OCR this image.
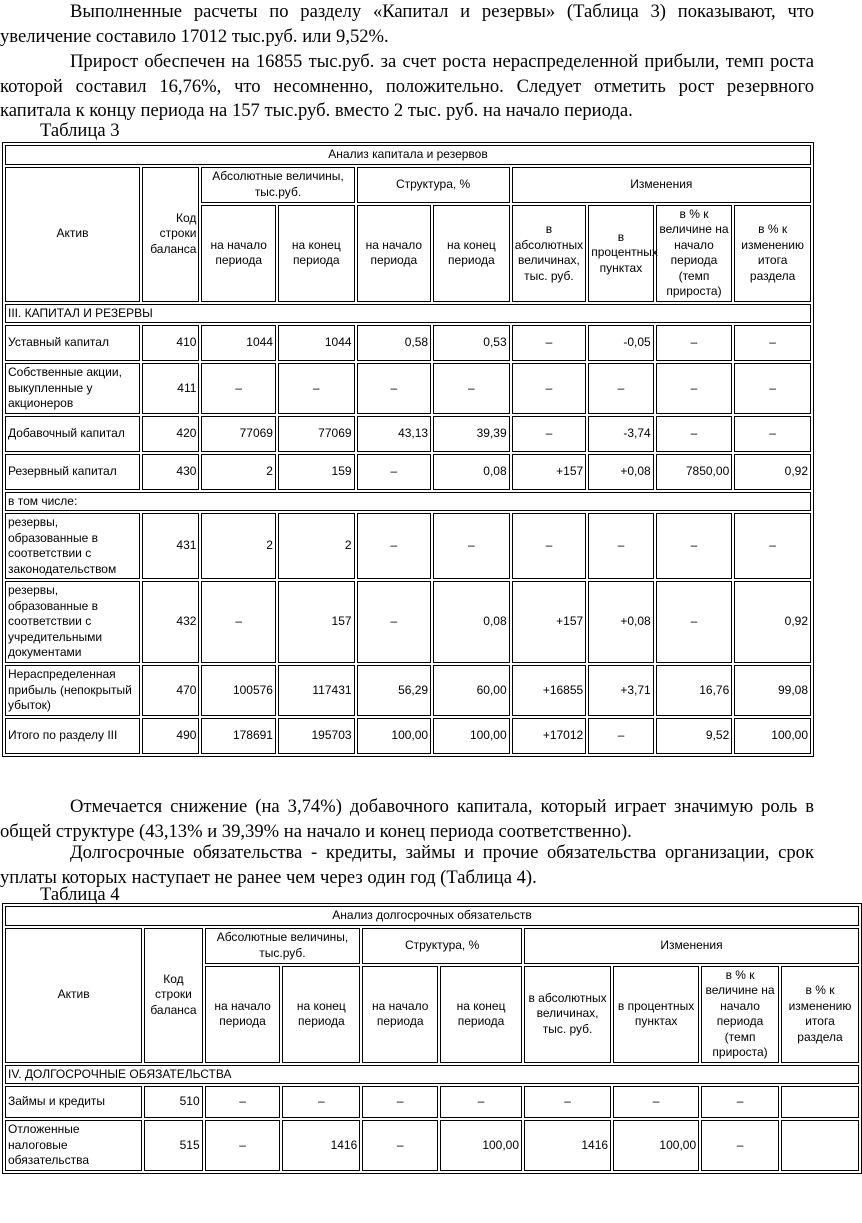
Выполненные расчеты по разделу «Капитал и резервы» (Таблица 3) показывают, что увеличение составило 17012 тыс.руб. или 9,52%.

Прирост обеспечен на 16855 тыс.руб. за счет роста нераспределенной прибыли, темп роста которой составил 16,76%, что несомненно, положительно. Следует отметить рост резервного капитала к концу периода на 157 тыс.руб. вместо 2 тыс. руб. на начало периода.

Таблица 3
Анализ капитала и резервов									
Актив	Код строки баланса	Абсолютные величины, тыс.руб.		Структура, %		Изменения			
		на начало периода	на конец периода	на начало периода	на конец периода	в абсолютных величинах, тыс. руб.	в процентных пунктах	в % к величине на начало периода (темп прироста)	в % к изменению итога раздела
III. КАПИТАЛ И РЕЗЕРВЫ									
Уставный капитал	410	1044	1044	0,58	0,53	–	-0,05	–	–
Собственные акции, выкупленные у акционеров	411	–	–	–	–	–	–	–	–
Добавочный капитал	420	77069	77069	43,13	39,39	–	-3,74	–	–
Резервный капитал	430	2	159	–	0,08	+157	+0,08	7850,00	0,92
в том числе:									
резервы, образованные в соответствии с законодательством	431	2	2	–	–	–	–	–	–
резервы, образованные в соответствии с учредительными документами	432	–	157	–	0,08	+157	+0,08	–	0,92
Нераспределенная прибыль (непокрытый убыток)	470	100576	117431	56,29	60,00	+16855	+3,71	16,76	99,08
Итого по разделу III	490	178691	195703	100,00	100,00	+17012	–	9,52	100,00

Отмечается снижение (на 3,74%) добавочного капитала, который играет значимую роль в общей структуре (43,13% и 39,39% на начало и конец периода соответственно).

Долгосрочные обязательства - кредиты, займы и прочие обязательства организации, срок уплаты которых наступает не ранее чем через один год (Таблица 4).

Таблица 4
Анализ долгосрочных обязательств									
Актив	Код строки баланса	Абсолютные величины, тыс.руб.		Структура, %		Изменения			
		на начало периода	на конец периода	на начало периода	на конец периода	в абсолютных величинах, тыс. руб.	в процентных пунктах	в % к величине на начало периода (темп прироста)	в % к изменению итога раздела
IV. ДОЛГОСРОЧНЫЕ ОБЯЗАТЕЛЬСТВА									
Займы и кредиты	510	–	–	–	–	–	–	–	
Отложенные налоговые обязательства	515	–	1416	–	100,00	1416	100,00	–	
